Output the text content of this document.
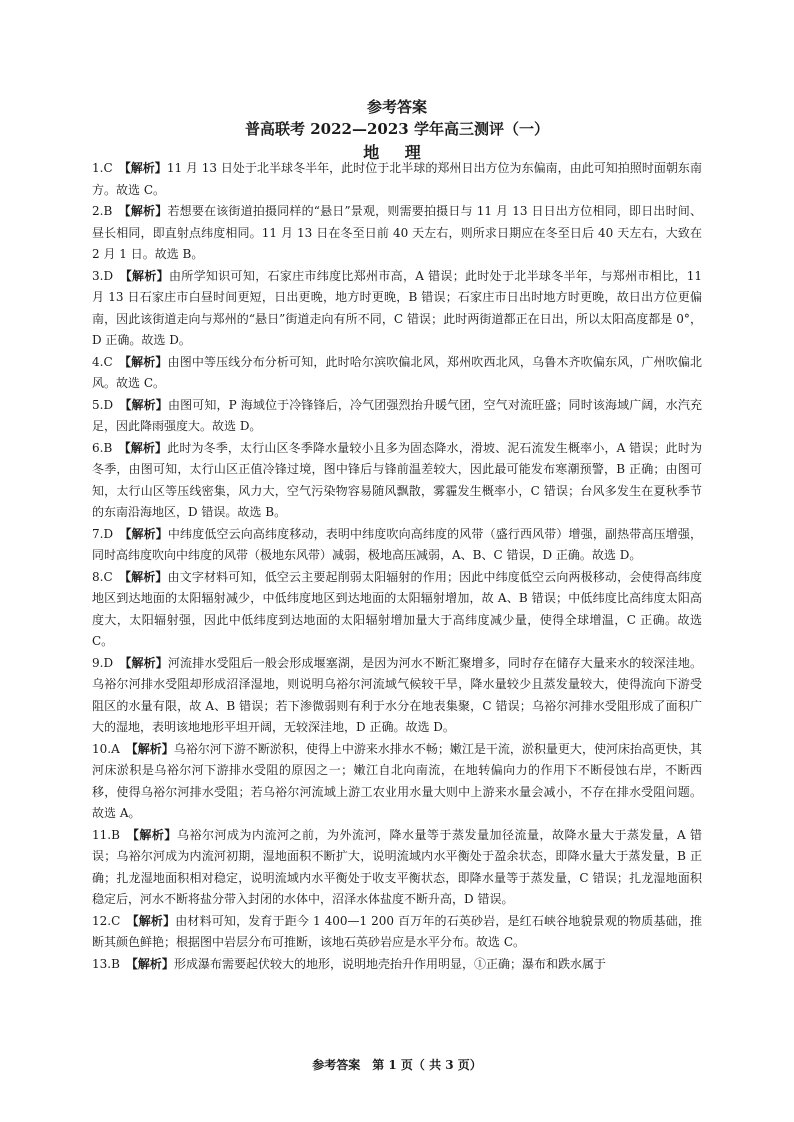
参考答案
普高联考 2022—2023 学年高三测评（一）
地 理

1.C　 【解析】11 月 13 日处于北半球冬半年，此时位于北半球的郑州日出方位为东偏南，由此可知拍照时面朝东南方。故选 C。

2.B　 【解析】若想要在该街道拍摄同样的“悬日”景观，则需要拍摄日与 11 月 13 日日出方位相同，即日出时间、昼长相同，即直射点纬度相同。11 月 13 日在冬至日前 40 天左右，则所求日期应在冬至日后 40 天左右，大致在 2 月 1 日。故选 B。

3.D　 【解析】由所学知识可知，石家庄市纬度比郑州市高，A 错误；此时处于北半球冬半年，与郑州市相比，11 月 13 日石家庄市白昼时间更短，日出更晚，地方时更晚，B 错误；石家庄市日出时地方时更晚，故日出方位更偏南，因此该街道走向与郑州的“悬日”街道走向有所不同，C 错误；此时两街道都正在日出，所以太阳高度都是 0°，D 正确。故选 D。

4.C　 【解析】由图中等压线分布分析可知，此时哈尔滨吹偏北风，郑州吹西北风，乌鲁木齐吹偏东风，广州吹偏北风。故选 C。

5.D　 【解析】由图可知，P 海域位于冷锋锋后，冷气团强烈抬升暖气团，空气对流旺盛；同时该海域广阔，水汽充足，因此降雨强度大。故选 D。

6.B　 【解析】此时为冬季，太行山区冬季降水量较小且多为固态降水，滑坡、泥石流发生概率小，A 错误；此时为冬季，由图可知，太行山区正值冷锋过境，图中锋后与锋前温差较大，因此最可能发布寒潮预警，B 正确；由图可知，太行山区等压线密集，风力大，空气污染物容易随风飘散，雾霾发生概率小，C 错误；台风多发生在夏秋季节的东南沿海地区，D 错误。故选 B。

7.D　 【解析】中纬度低空云向高纬度移动，表明中纬度吹向高纬度的风带（盛行西风带）增强，副热带高压增强，同时高纬度吹向中纬度的风带（极地东风带）减弱，极地高压减弱，A、B、C 错误，D 正确。故选 D。

8.C　 【解析】由文字材料可知，低空云主要起削弱太阳辐射的作用；因此中纬度低空云向两极移动，会使得高纬度地区到达地面的太阳辐射减少，中低纬度地区到达地面的太阳辐射增加，故 A、B 错误；中低纬度比高纬度太阳高度大，太阳辐射强，因此中低纬度到达地面的太阳辐射增加量大于高纬度减少量，使得全球增温，C 正确。故选 C。

9.D　 【解析】河流排水受阻后一般会形成堰塞湖，是因为河水不断汇聚增多，同时存在储存大量来水的较深洼地。乌裕尔河排水受阻却形成沼泽湿地，则说明乌裕尔河流域气候较干旱，降水量较少且蒸发量较大，使得流向下游受阻区的水量有限，故 A、B 错误；若下渗微弱则有利于水分在地表集聚，C 错误；乌裕尔河排水受阻形成了面积广大的湿地，表明该地地形平坦开阔，无较深洼地，D 正确。故选 D。

10.A　 【解析】乌裕尔河下游不断淤积，使得上中游来水排水不畅；嫩江是干流，淤积量更大，使河床抬高更快，其河床淤积是乌裕尔河下游排水受阻的原因之一；嫩江自北向南流，在地转偏向力的作用下不断侵蚀右岸，不断西移，使得乌裕尔河排水受阻；若乌裕尔河流域上游工农业用水量大则中上游来水量会减小，不存在排水受阻问题。故选 A。

11.B　 【解析】乌裕尔河成为内流河之前，为外流河，降水量等于蒸发量加径流量，故降水量大于蒸发量，A 错误；乌裕尔河成为内流河初期，湿地面积不断扩大，说明流域内水平衡处于盈余状态，即降水量大于蒸发量，B 正确；扎龙湿地面积相对稳定，说明流域内水平衡处于收支平衡状态，即降水量等于蒸发量，C 错误；扎龙湿地面积稳定后，河水不断将盐分带入封闭的水体中，沼泽水体盐度不断升高，D 错误。

12.C　 【解析】由材料可知，发育于距今 1 400—1 200 百万年的石英砂岩，是红石峡谷地貌景观的物质基础，推断其颜色鲜艳；根据图中岩层分布可推断，该地石英砂岩应是水平分布。故选 C。

13.B　 【解析】形成瀑布需要起伏较大的地形，说明地壳抬升作用明显，①正确；瀑布和跌水属于

参考答案　第 1 页（ 共 3 页）
